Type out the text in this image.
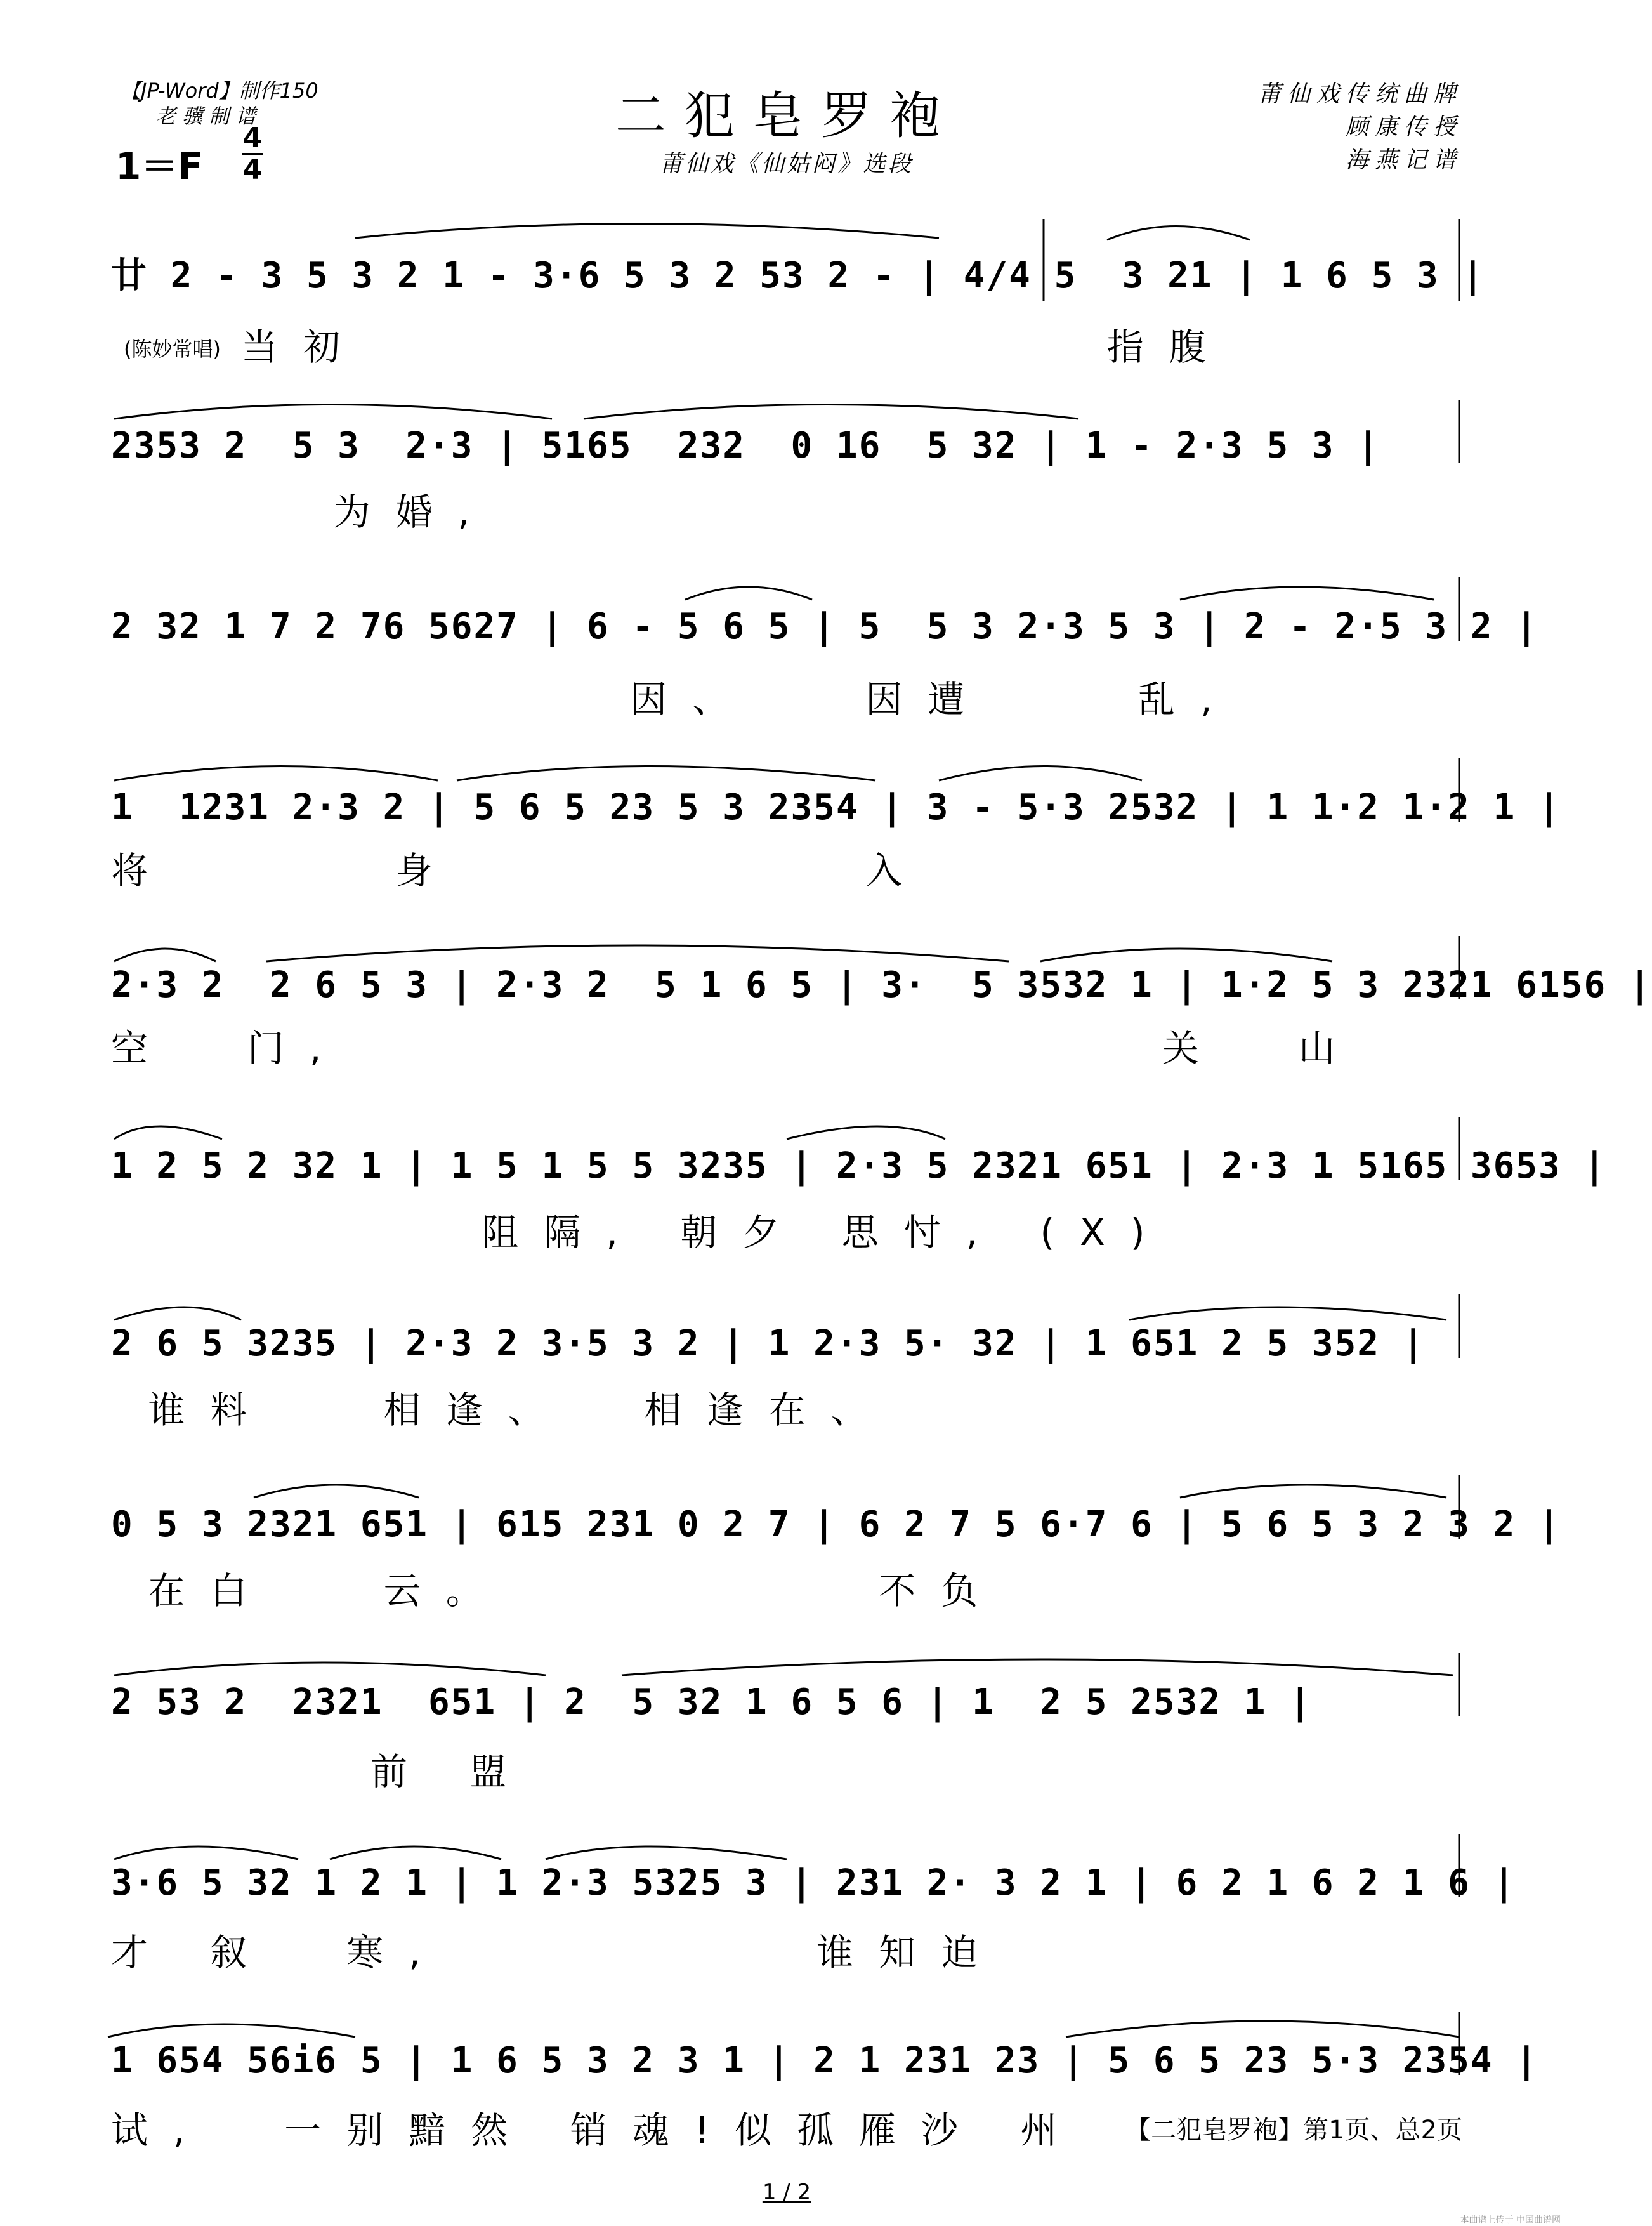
【JP-Word】制作150
老 骥 制 谱	二犯皂罗袍
莆仙戏《仙姑闷》选段
莆仙戏传统曲牌
顾康传授
海燕记谱
1＝F
4
4
(陈妙常唱)
廿 2 - 3 5 3 2 1 - 3·6 5 3 2 53 2 - | 4/4 5  3 21 | 1 6 5 3 |
当初                    指腹
2353 2  5 3  2·3 | 5165  232  0 16  5 32 | 1 - 2·3 5 3 |
为婚,
2 32 1 7 2 76 5627 | 6 - 5 6 5 | 5  5 3 2·3 5 3 | 2 - 2·5 3 2 |
因、   因遭    乱,
1  1231 2·3 2 | 5 6 5 23 5 3 2354 | 3 - 5·3 2532 | 1 1·2 1·2 1 |
将      身           入
2·3 2  2 6 5 3 | 2·3 2  5 1 6 5 | 3·  5 3532 1 | 1·2 5 3 2321 6156 |
空  门,                      关  山
1 2 5 2 32 1 | 1 5 1 5 5 3235 | 2·3 5 2321 651 | 2·3 1 5165 3653 |
阻隔, 朝夕 思忖, (X)
2 6 5 3235 | 2·3 2 3·5 3 2 | 1 2·3 5· 32 | 1 651 2 5 352 |
谁料   相逢、  相逢在、
0 5 3 2321 651 | 615 231 0 2 7 | 6 2 7 5 6·7 6 | 5 6 5 3 2 3 2 |
在白   云。          不负
2 53 2  2321  651 | 2  5 32 1 6 5 6 | 1  2 5 2532 1 |
前 盟
3·6 5 32 1 2 1 | 1 2·3 5325 3 | 231 2· 3 2 1 | 6 2 1 6 2 1 6 |
才 叙  寒,          谁知迫
1 654 56i6 5 | 1 6 5 3 2 3 1 | 2 1 231 23 | 5 6 5 23 5·3 2354 |
试,  一别黯然 销魂!似孤雁沙 州	【二犯皂罗袍】第1页、总2页
1 / 2
本曲谱上传于 中国曲谱网
